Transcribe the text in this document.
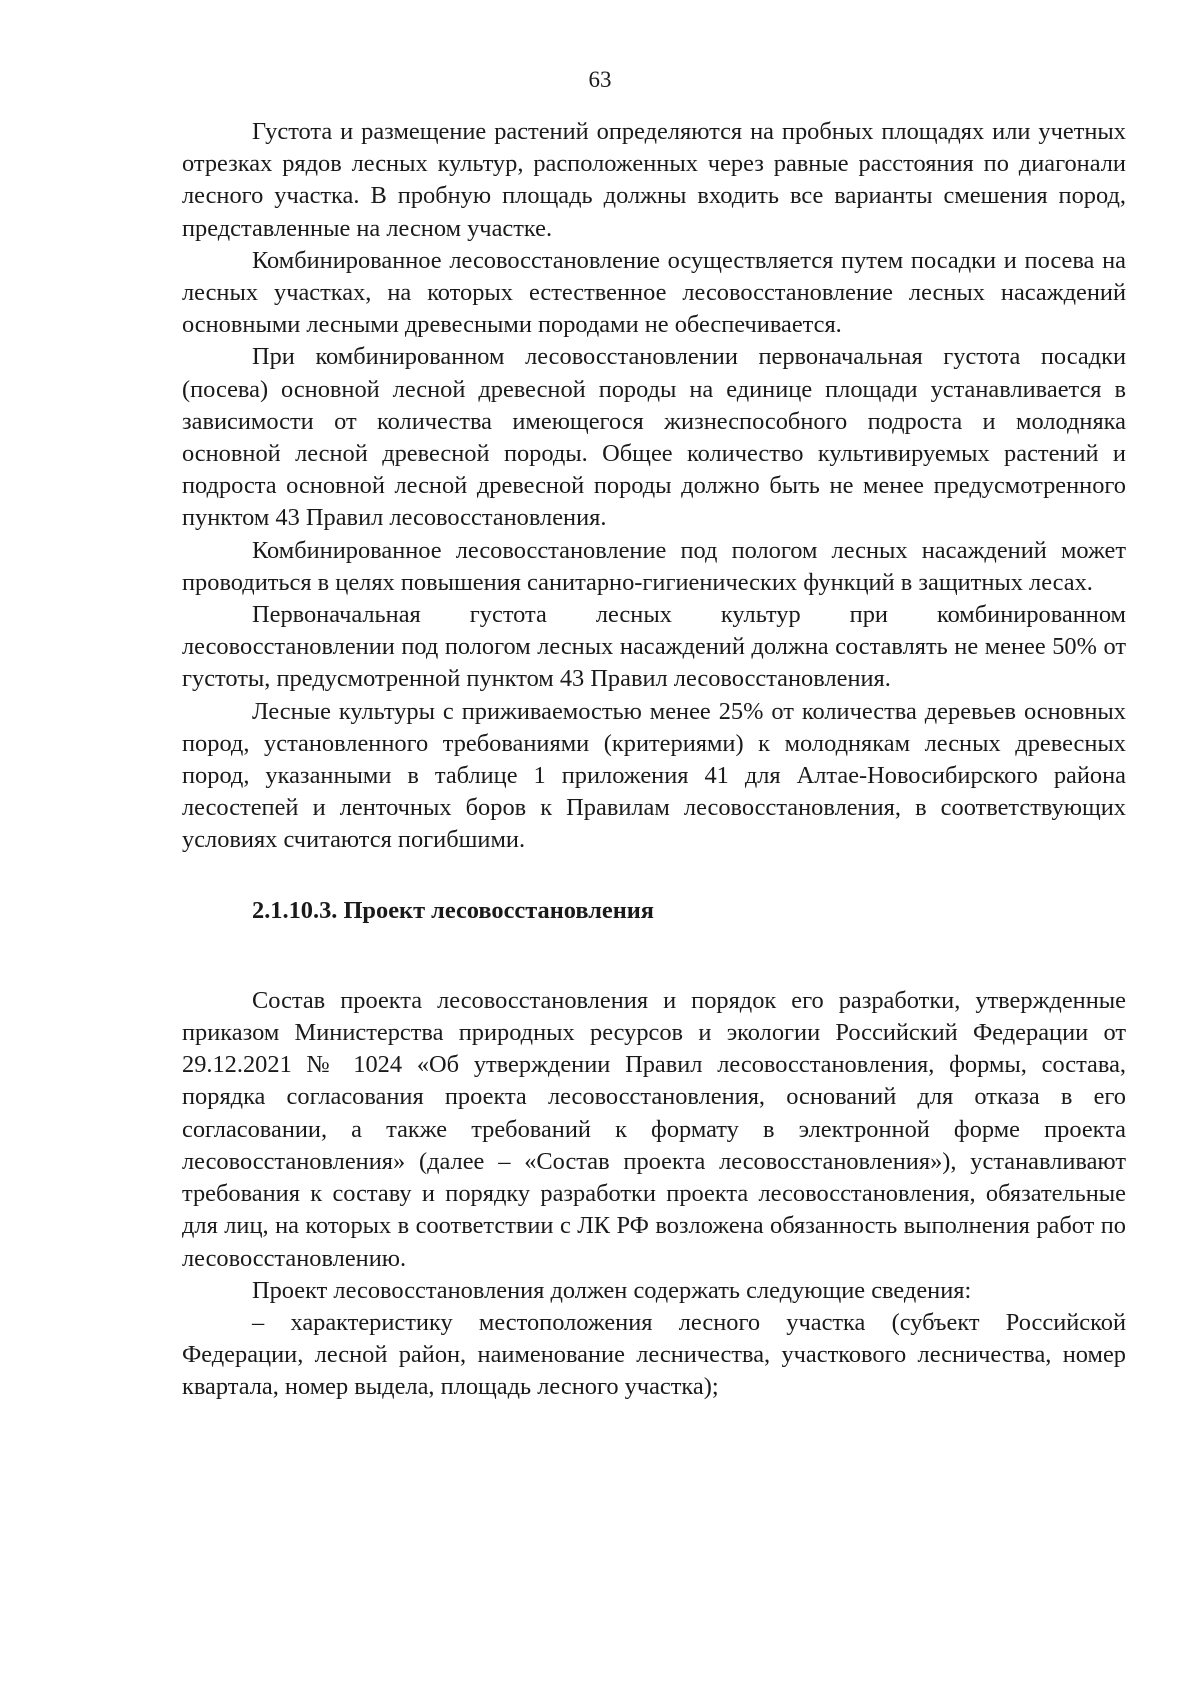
63

Густота и размещение растений определяются на пробных площадях или учетных отрезках рядов лесных культур, расположенных через равные расстояния по диагонали лесного участка. В пробную площадь должны входить все варианты смешения пород, представленные на лесном участке.

Комбинированное лесовосстановление осуществляется путем посадки и посева на лесных участках, на которых естественное лесовосстановление лесных насаждений основными лесными древесными породами не обеспечивается.

При комбинированном лесовосстановлении первоначальная густота посадки (посева) основной лесной древесной породы на единице площади устанавливается в зависимости от количества имеющегося жизнеспособного подроста и молодняка основной лесной древесной породы. Общее количество культивируемых растений и подроста основной лесной древесной породы должно быть не менее предусмотренного пунктом 43 Правил лесовосстановления.

Комбинированное лесовосстановление под пологом лесных насаждений может проводиться в целях повышения санитарно-гигиенических функций в защитных лесах.

Первоначальная густота лесных культур при комбинированном лесовосстановлении под пологом лесных насаждений должна составлять не менее 50% от густоты, предусмотренной пунктом 43 Правил лесовосстановления.

Лесные культуры с приживаемостью менее 25% от количества деревьев основных пород, установленного требованиями (критериями) к молоднякам лесных древесных пород, указанными в таблице 1 приложения 41 для Алтае-Новосибирского района лесостепей и ленточных боров к Правилам лесовосстановления, в соответствующих условиях считаются погибшими.

2.1.10.3. Проект лесовосстановления

Состав проекта лесовосстановления и порядок его разработки, утвержденные приказом Министерства природных ресурсов и экологии Российский Федерации от 29.12.2021 № 1024 «Об утверждении Правил лесовосстановления, формы, состава, порядка согласования проекта лесовосстановления, оснований для отказа в его согласовании, а также требований к формату в электронной форме проекта лесовосстановления» (далее – «Состав проекта лесовосстановления»), устанавливают требования к составу и порядку разработки проекта лесовосстановления, обязательные для лиц, на которых в соответствии с ЛК РФ возложена обязанность выполнения работ по лесовосстановлению.

Проект лесовосстановления должен содержать следующие сведения:

– характеристику местоположения лесного участка (субъект Российской Федерации, лесной район, наименование лесничества, участкового лесничества, номер квартала, номер выдела, площадь лесного участка);
